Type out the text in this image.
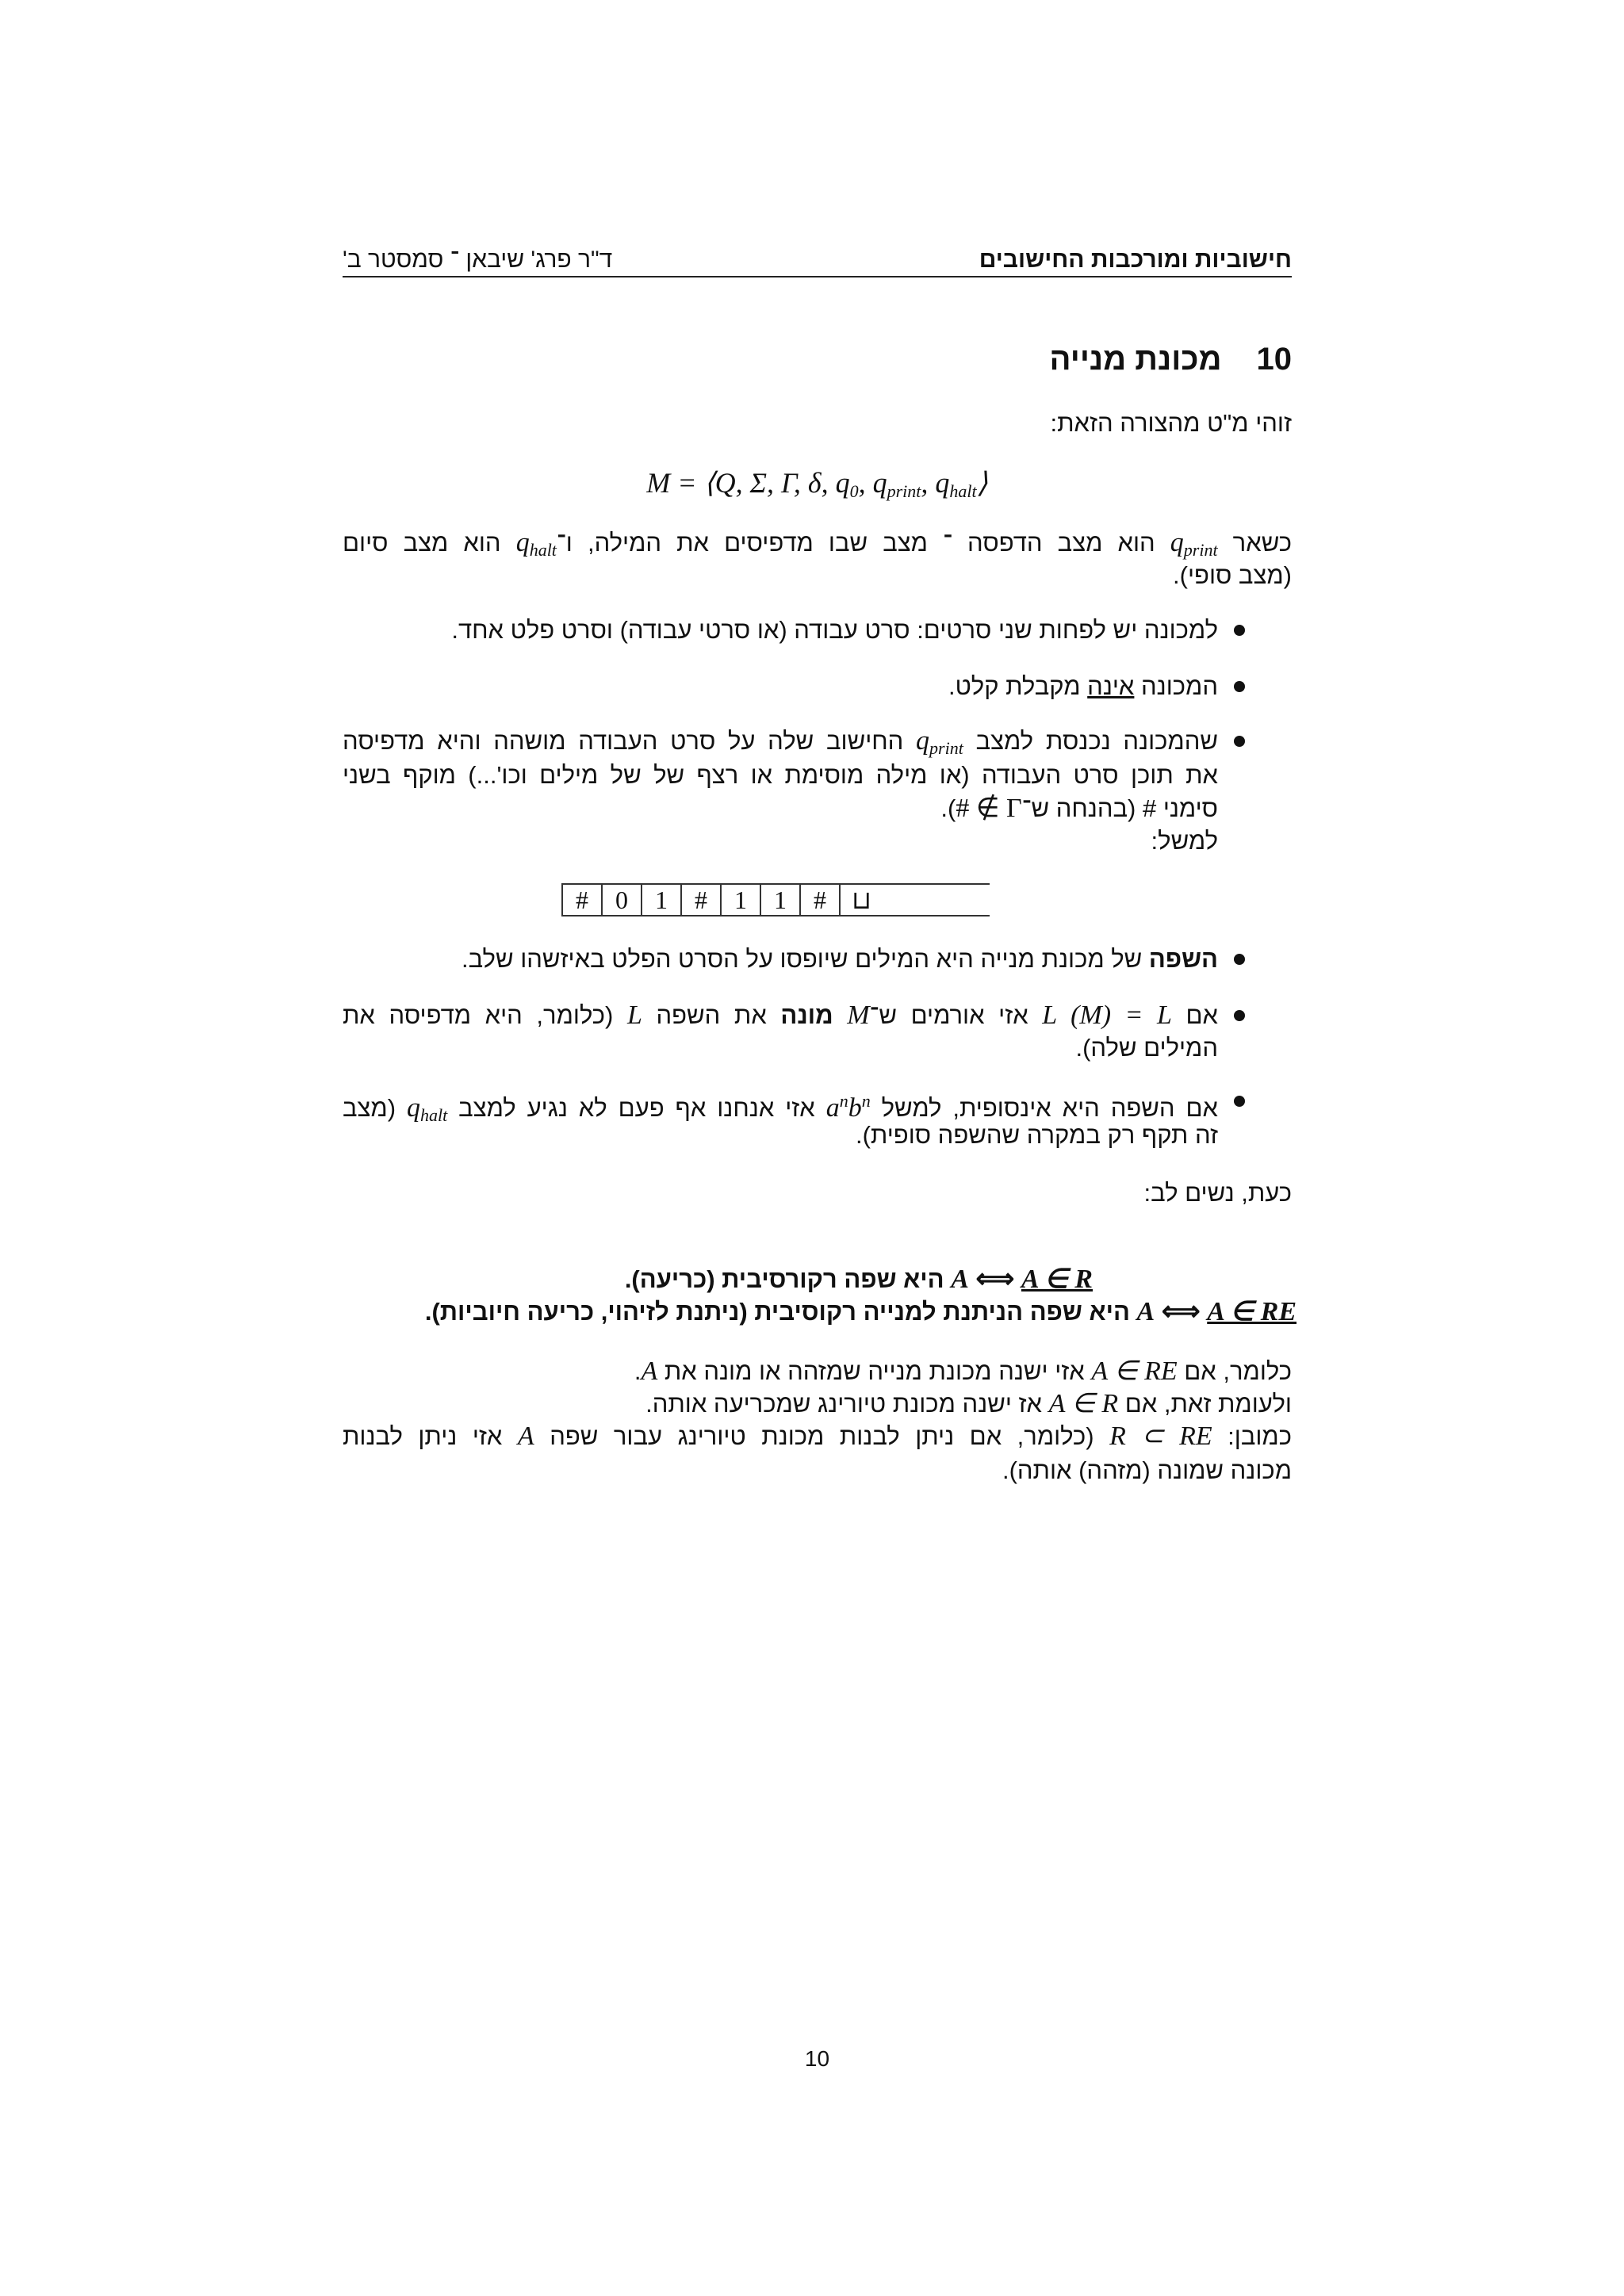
חישוביות ומורכבות החישובים
ד"ר פרג' שיבאן ־ סמסטר ב'
10מכונת מנייה
זוהי מ"ט מהצורה הזאת:
M = ⟨Q, Σ, Γ, δ, $q_0$, $q_{print}$, $q_{halt}⟩$
כשאר $q_{print}$ הוא מצב הדפסה ־ מצב שבו מדפיסים את המילה, $ו־q_{halt}$ הוא מצב סיום
(מצב סופי).
למכונה יש לפחות שני סרטים: סרט עבודה (או סרטי עבודה) וסרט פלט אחד.
המכונה אינה מקבלת קלט.
שהמכונה נכנסת למצב $q_{print}$ החישוב שלה על סרט העבודה מושהה והיא מדפיסה
את תוכן סרט העבודה (או מילה מוסימת או רצף של של מילים וכו'...) מוקף בשני
סימני # (בהנחה ש־# ∉ Γ).
למשל:
#	0	1	#	1	1	#	⊔
השפה של מכונת מנייה היא המילים שיופסו על הסרט הפלט באיזשהו שלב.
אם L (M) = L אזי אורמים ש־M מונה את השפה L (כלומר, היא מדפיסה את
המילים שלה).
אם השפה היא אינסופית, למשל $a^nb^n$ אזי אנחנו אף פעם לא נגיע למצב $q_{halt}$ (מצב
זה תקף רק במקרה שהשפה סופית).
כעת, נשים לב:
A ∈ R ⟺ A היא שפה רקורסיבית (כריעה).
A ∈ RE ⟺ A היא שפה הניתנת למנייה רקוסיבית (ניתנת לזיהוי, כריעה חיוביות).
כלומר, אם A ∈ RE אזי ישנה מכונת מנייה שמזהה או מונה את A.
ולעומת זאת, אם A ∈ R אז ישנה מכונת טיורינג שמכריעה אותה.
כמובן: R ⊂ RE (כלומר, אם ניתן לבנות מכונת טיורינג עבור שפה A אזי ניתן לבנות
מכונה שמונה (מזהה) אותה).
10
